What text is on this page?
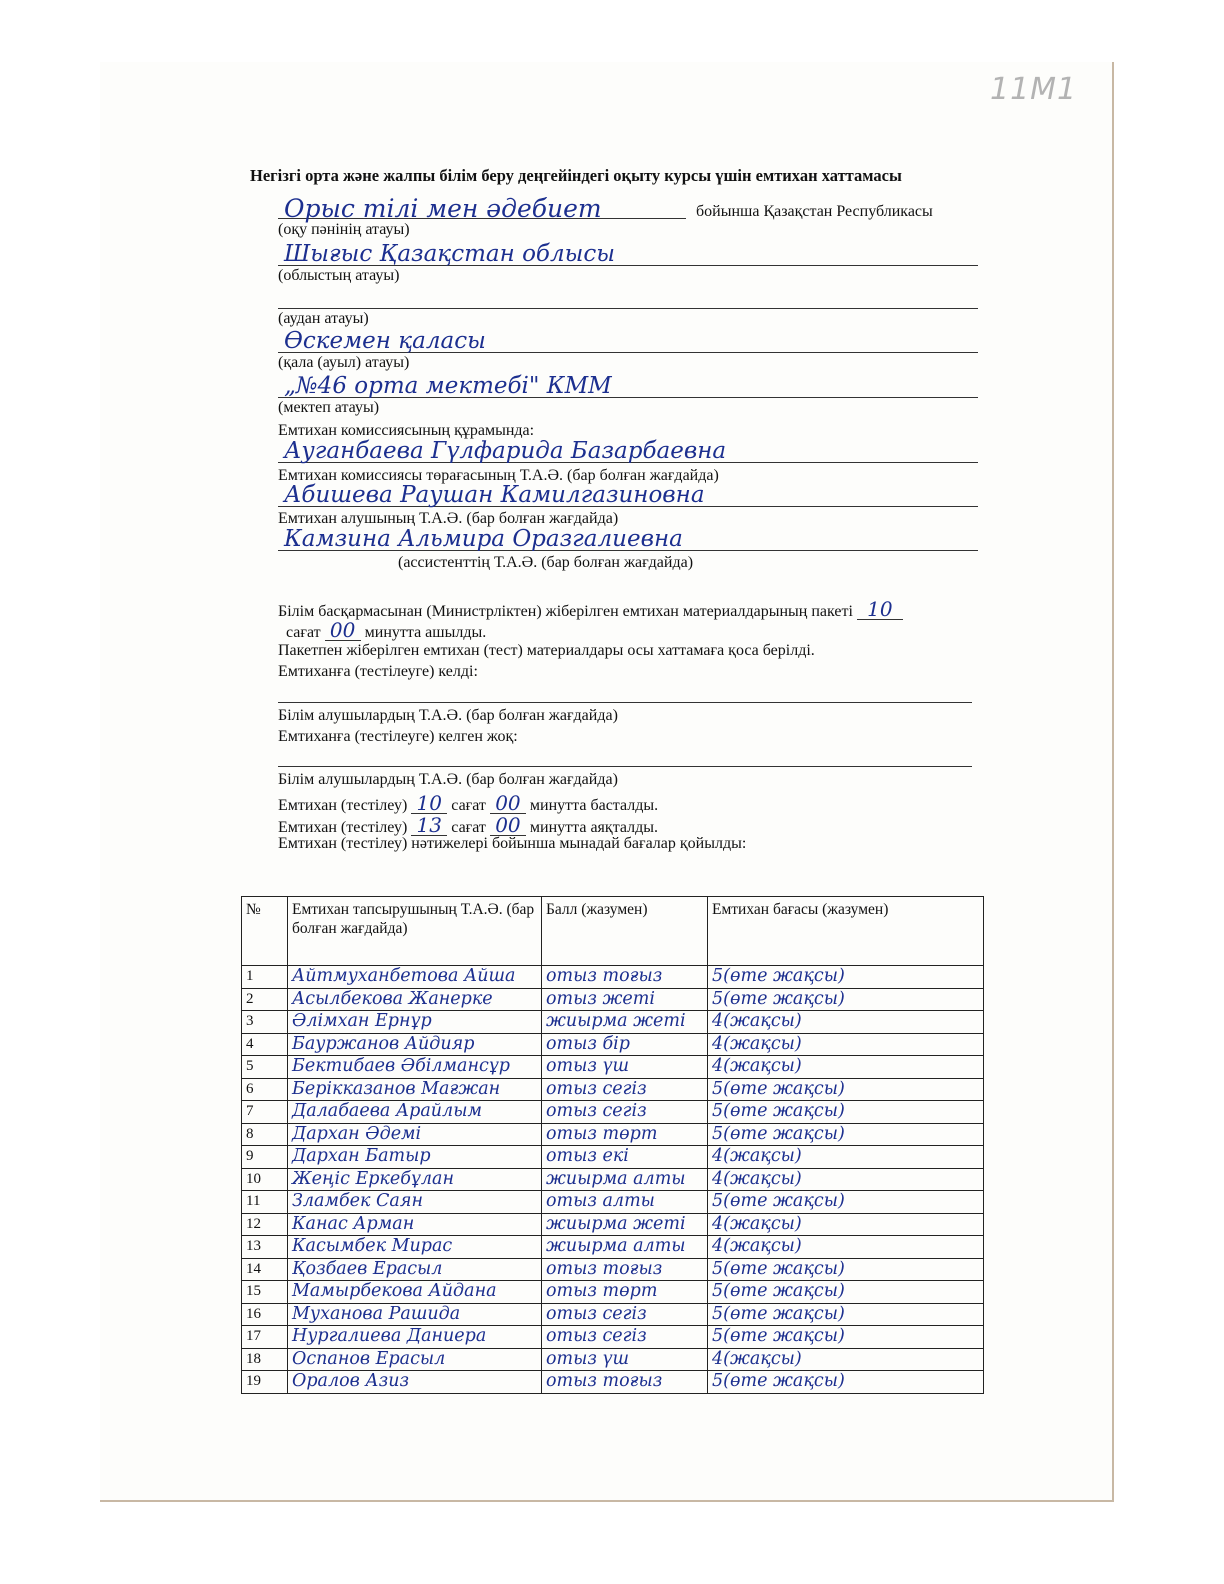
11M1
Негізгі орта және жалпы білім беру деңгейіндегі оқыту курсы үшін емтихан хаттамасы
Орыс тілі мен әдебиет	бойынша Қазақстан Республикасы
(оқу пәнінің атауы)
Шығыс Қазақстан облысы
(облыстың атауы)
(аудан атауы)
Өскемен қаласы
(қала (ауыл) атауы)
„№46 орта мектебі" КММ
(мектеп атауы)
Емтихан комиссиясының құрамында:
Ауганбаева Гүлфарида Базарбаевна
Емтихан комиссиясы төрағасының Т.А.Ә. (бар болған жағдайда)
Абишева Раушан Камилгазиновна
Емтихан алушының Т.А.Ә. (бар болған жағдайда)
Камзина Альмира Оразгалиевна
(ассистенттің Т.А.Ә. (бар болған жағдайда)
Білім басқармасынан (Министрліктен) жіберілген емтихан материалдарының пакеті 10
сағат 00 минутта ашылды.
Пакетпен жіберілген емтихан (тест) материалдары осы хаттамаға қоса берілді.
Емтиханға (тестілеуге) келді:
Білім алушылардың Т.А.Ә. (бар болған жағдайда)
Емтиханға (тестілеуге) келген жоқ:
Білім алушылардың Т.А.Ә. (бар болған жағдайда)
Емтихан (тестілеу) 10 сағат 00 минутта басталды.
Емтихан (тестілеу) 13 сағат 00 минутта аяқталды.
Емтихан (тестілеу) нәтижелері бойынша мынадай бағалар қойылды:
№	Емтихан тапсырушының Т.А.Ә. (бар болған жағдайда)	Балл (жазумен)	Емтихан бағасы (жазумен)
1	Айтмуханбетова Айша	отыз тоғыз	5(өте жақсы)
2	Асылбекова Жанерке	отыз жеті	5(өте жақсы)
3	Әлімхан Ернұр	жиырма жеті	4(жақсы)
4	Бауржанов Айдияр	отыз бір	4(жақсы)
5	Бектибаев Әбілмансұр	отыз үш	4(жақсы)
6	Берікказанов Мағжан	отыз сегіз	5(өте жақсы)
7	Далабаева Арайлым	отыз сегіз	5(өте жақсы)
8	Дархан Әдемі	отыз төрт	5(өте жақсы)
9	Дархан Батыр	отыз екі	4(жақсы)
10	Жеңіс Еркебұлан	жиырма алты	4(жақсы)
11	Зламбек Саян	отыз алты	5(өте жақсы)
12	Канас Арман	жиырма жеті	4(жақсы)
13	Касымбек Мирас	жиырма алты	4(жақсы)
14	Қозбаев Ерасыл	отыз тоғыз	5(өте жақсы)
15	Мамырбекова Айдана	отыз төрт	5(өте жақсы)
16	Муханова Рашида	отыз сегіз	5(өте жақсы)
17	Нургалиева Даниера	отыз сегіз	5(өте жақсы)
18	Оспанов Ерасыл	отыз үш	4(жақсы)
19	Оралов Азиз	отыз тоғыз	5(өте жақсы)
